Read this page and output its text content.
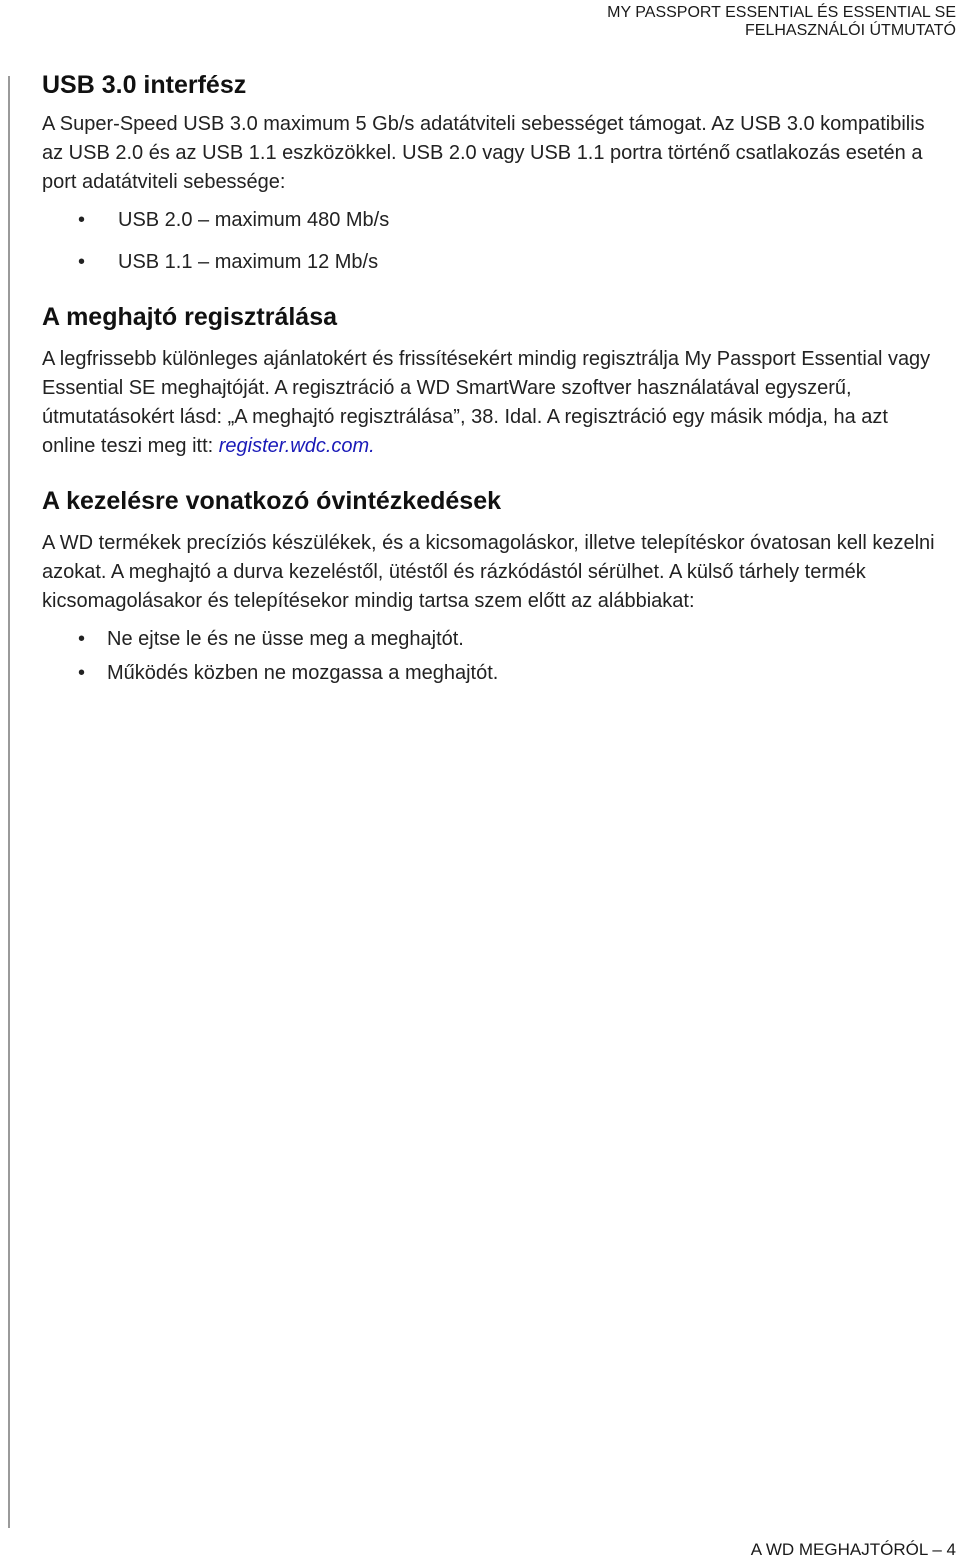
MY PASSPORT ESSENTIAL ÉS ESSENTIAL SE
FELHASZNÁLÓI ÚTMUTATÓ
USB 3.0 interfész

A Super-Speed USB 3.0 maximum 5 Gb/s adatátviteli sebességet támogat. Az USB 3.0 kompatibilis az USB 2.0 és az USB 1.1 eszközökkel. USB 2.0 vagy USB 1.1 portra történő csatlakozás esetén a port adatátviteli sebessége:

• USB 2.0 – maximum 480 Mb/s
• USB 1.1 – maximum 12 Mb/s
A meghajtó regisztrálása

A legfrissebb különleges ajánlatokért és frissítésekért mindig regisztrálja My Passport Essential vagy Essential SE meghajtóját. A regisztráció a WD SmartWare szoftver használatával egyszerű, útmutatásokért lásd: „A meghajtó regisztrálása”, 38. Idal. A regisztráció egy másik módja, ha azt online teszi meg itt: register.wdc.com.

A kezelésre vonatkozó óvintézkedések

A WD termékek precíziós készülékek, és a kicsomagoláskor, illetve telepítéskor óvatosan kell kezelni azokat. A meghajtó a durva kezeléstől, ütéstől és rázkódástól sérülhet. A külső tárhely termék kicsomagolásakor és telepítésekor mindig tartsa szem előtt az alábbiakat:

• Ne ejtse le és ne üsse meg a meghajtót.
• Működés közben ne mozgassa a meghajtót.
A WD MEGHAJTÓRÓL – 4
